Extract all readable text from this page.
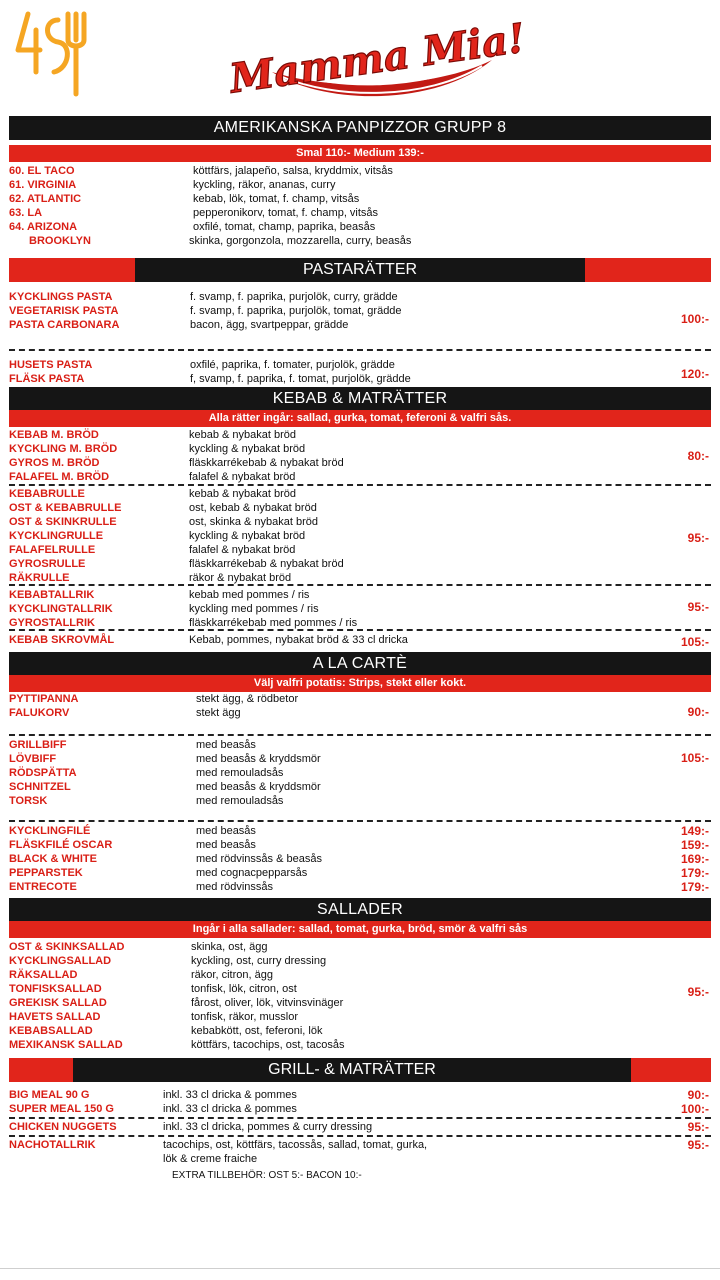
Mamma Mia!
AMERIKANSKA PANPIZZOR GRUPP 8
Smal 110:- Medium 139:-
60. EL TACO	köttfärs, jalapeño, salsa, kryddmix, vitsås
61. VIRGINIA	kyckling, räkor, ananas, curry
62. ATLANTIC	kebab, lök, tomat, f. champ, vitsås
63. LA	pepperonikorv, tomat, f. champ, vitsås
64. ARIZONA	oxfilé, tomat, champ, paprika, beasås
BROOKLYN	skinka, gorgonzola, mozzarella, curry, beasås
PASTARÄTTER
KYCKLINGS PASTA	f. svamp, f. paprika, purjolök, curry, grädde
VEGETARISK PASTA	f. svamp, f. paprika, purjolök, tomat, grädde
PASTA CARBONARA	bacon, ägg, svartpeppar, grädde	100:-
HUSETS PASTA	oxfilé, paprika, f. tomater, purjolök, grädde
FLÄSK PASTA	f, svamp, f. paprika, f. tomat, purjolök, grädde	120:-
KEBAB & MATRÄTTER
Alla rätter ingår: sallad, gurka, tomat, feferoni & valfri sås.
KEBAB M. BRÖD	kebab & nybakat bröd
KYCKLING M. BRÖD	kyckling & nybakat bröd
GYROS M. BRÖD	fläskkarrékebab & nybakat bröd
FALAFEL M. BRÖD	falafel & nybakat bröd
80:-
KEBABRULLE	kebab & nybakat bröd
OST & KEBABRULLE	ost, kebab & nybakat bröd
OST & SKINKRULLE	ost, skinka & nybakat bröd
KYCKLINGRULLE	kyckling & nybakat bröd
FALAFELRULLE	falafel & nybakat bröd
GYROSRULLE	fläskkarrékebab & nybakat bröd
RÄKRULLE	räkor & nybakat bröd
95:-
KEBABTALLRIK	kebab med pommes / ris
KYCKLINGTALLRIK	kyckling med pommes / ris
GYROSTALLRIK	fläskkarrékebab med pommes / ris
95:-
KEBAB SKROVMÅL	Kebab, pommes, nybakat bröd & 33 cl dricka	105:-
A LA CARTÈ
Välj valfri potatis: Strips, stekt eller kokt.
PYTTIPANNA	stekt ägg, & rödbetor
FALUKORV	stekt ägg	90:-
GRILLBIFF	med beasås
LÖVBIFF	med beasås & kryddsmör
RÖDSPÄTTA	med remouladsås
SCHNITZEL	med beasås & kryddsmör
TORSK	med remouladsås
105:-
KYCKLINGFILÉ	med beasås	149:-
FLÄSKFILÉ OSCAR	med beasås	159:-
BLACK & WHITE	med rödvinssås & beasås	169:-
PEPPARSTEK	med cognacpepparsås	179:-
ENTRECOTE	med rödvinssås	179:-
SALLADER
Ingår i alla sallader: sallad, tomat, gurka, bröd, smör & valfri sås
OST & SKINKSALLAD	skinka, ost, ägg
KYCKLINGSALLAD	kyckling, ost, curry dressing
RÄKSALLAD	räkor, citron, ägg
TONFISKSALLAD	tonfisk, lök, citron, ost
GREKISK SALLAD	fårost, oliver, lök, vitvinsvinäger
HAVETS SALLAD	tonfisk, räkor, musslor
KEBABSALLAD	kebabkött, ost, feferoni, lök
MEXIKANSK SALLAD	köttfärs, tacochips, ost, tacosås
95:-
GRILL- & MATRÄTTER
BIG MEAL 90 G	inkl. 33 cl dricka & pommes	90:-
SUPER MEAL 150 G	inkl. 33 cl dricka & pommes	100:-
CHICKEN NUGGETS	inkl. 33 cl dricka, pommes & curry dressing	95:-
NACHOTALLRIK	tacochips, ost, köttfärs, tacossås, sallad, tomat, gurka,	95:-
lök & creme fraiche
EXTRA TILLBEHÖR: OST 5:- BACON 10:-
